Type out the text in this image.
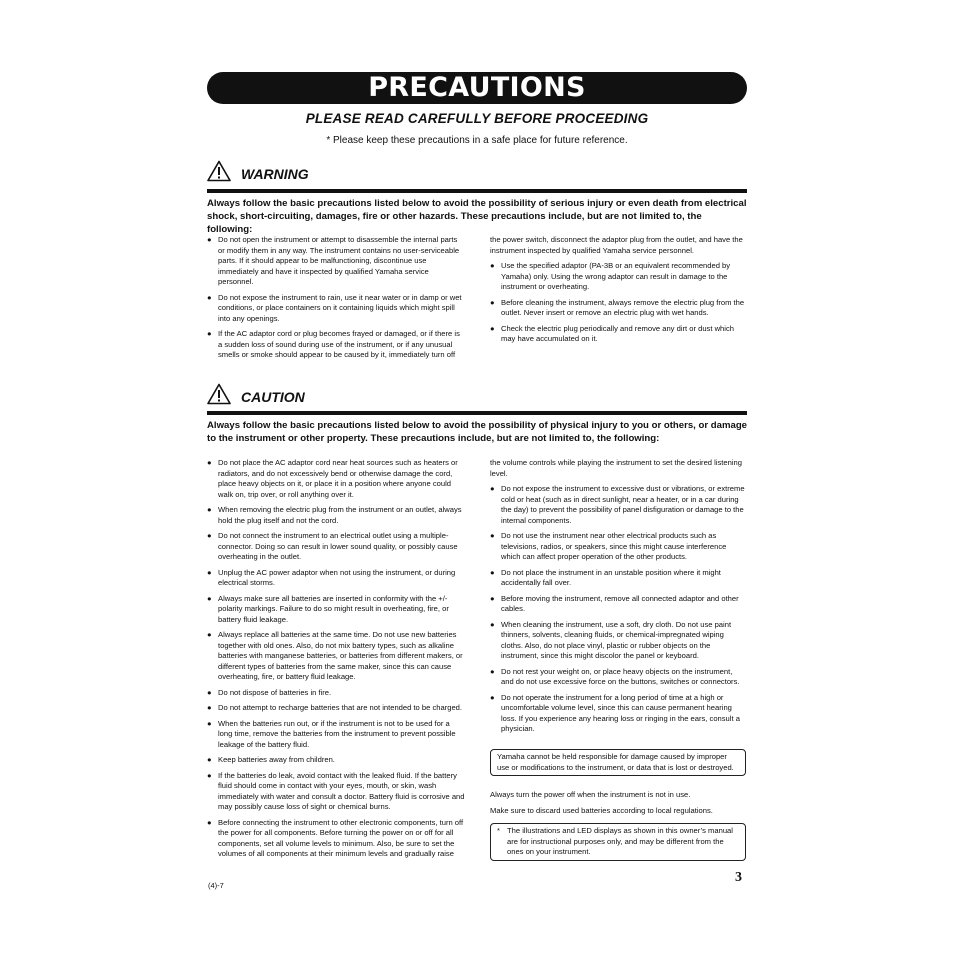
PRECAUTIONS
PLEASE READ CAREFULLY BEFORE PROCEEDING
* Please keep these precautions in a safe place for future reference.
WARNING
Always follow the basic precautions listed below to avoid the possibility of serious injury or even death from electrical shock, short-circuiting, damages, fire or other hazards. These precautions include, but are not limited to, the following:
● Do not open the instrument or attempt to disassemble the internal parts or modify them in any way. The instrument contains no user-serviceable parts. If it should appear to be malfunctioning, discontinue use immediately and have it inspected by qualified Yamaha service personnel.
● Do not expose the instrument to rain, use it near water or in damp or wet conditions, or place containers on it containing liquids which might spill into any openings.
● If the AC adaptor cord or plug becomes frayed or damaged, or if there is a sudden loss of sound during use of the instrument, or if any unusual smells or smoke should appear to be caused by it, immediately turn off
the power switch, disconnect the adaptor plug from the outlet, and have the instrument inspected by qualified Yamaha service personnel.
● Use the specified adaptor (PA-3B or an equivalent recommended by Yamaha) only. Using the wrong adaptor can result in damage to the instrument or overheating.
● Before cleaning the instrument, always remove the electric plug from the outlet. Never insert or remove an electric plug with wet hands.
● Check the electric plug periodically and remove any dirt or dust which may have accumulated on it.
CAUTION
Always follow the basic precautions listed below to avoid the possibility of physical injury to you or others, or damage to the instrument or other property. These precautions include, but are not limited to, the following:
● Do not place the AC adaptor cord near heat sources such as heaters or radiators, and do not excessively bend or otherwise damage the cord, place heavy objects on it, or place it in a position where anyone could walk on, trip over, or roll anything over it.
● When removing the electric plug from the instrument or an outlet, always hold the plug itself and not the cord.
● Do not connect the instrument to an electrical outlet using a multiple-connector. Doing so can result in lower sound quality, or possibly cause overheating in the outlet.
● Unplug the AC power adaptor when not using the instrument, or during electrical storms.
● Always make sure all batteries are inserted in conformity with the +/- polarity markings. Failure to do so might result in overheating, fire, or battery fluid leakage.
● Always replace all batteries at the same time. Do not use new batteries together with old ones. Also, do not mix battery types, such as alkaline batteries with manganese batteries, or batteries from different makers, or different types of batteries from the same maker, since this can cause overheating, fire, or battery fluid leakage.
● Do not dispose of batteries in fire.
● Do not attempt to recharge batteries that are not intended to be charged.
● When the batteries run out, or if the instrument is not to be used for a long time, remove the batteries from the instrument to prevent possible leakage of the battery fluid.
● Keep batteries away from children.
● If the batteries do leak, avoid contact with the leaked fluid. If the battery fluid should come in contact with your eyes, mouth, or skin, wash immediately with water and consult a doctor. Battery fluid is corrosive and may possibly cause loss of sight or chemical burns.
● Before connecting the instrument to other electronic components, turn off the power for all components. Before turning the power on or off for all components, set all volume levels to minimum. Also, be sure to set the volumes of all components at their minimum levels and gradually raise
the volume controls while playing the instrument to set the desired listening level.
● Do not expose the instrument to excessive dust or vibrations, or extreme cold or heat (such as in direct sunlight, near a heater, or in a car during the day) to prevent the possibility of panel disfiguration or damage to the internal components.
● Do not use the instrument near other electrical products such as televisions, radios, or speakers, since this might cause interference which can affect proper operation of the other products.
● Do not place the instrument in an unstable position where it might accidentally fall over.
● Before moving the instrument, remove all connected adaptor and other cables.
● When cleaning the instrument, use a soft, dry cloth. Do not use paint thinners, solvents, cleaning fluids, or chemical-impregnated wiping cloths. Also, do not place vinyl, plastic or rubber objects on the instrument, since this might discolor the panel or keyboard.
● Do not rest your weight on, or place heavy objects on the instrument, and do not use excessive force on the buttons, switches or connectors.
● Do not operate the instrument for a long period of time at a high or uncomfortable volume level, since this can cause permanent hearing loss. If you experience any hearing loss or ringing in the ears, consult a physician.
Yamaha cannot be held responsible for damage caused by improper use or modifications to the instrument, or data that is lost or destroyed.
Always turn the power off when the instrument is not in use.
Make sure to discard used batteries according to local regulations.
* The illustrations and LED displays as shown in this owner’s manual are for instructional purposes only, and may be different from the ones on your instrument.
3
(4)-7
